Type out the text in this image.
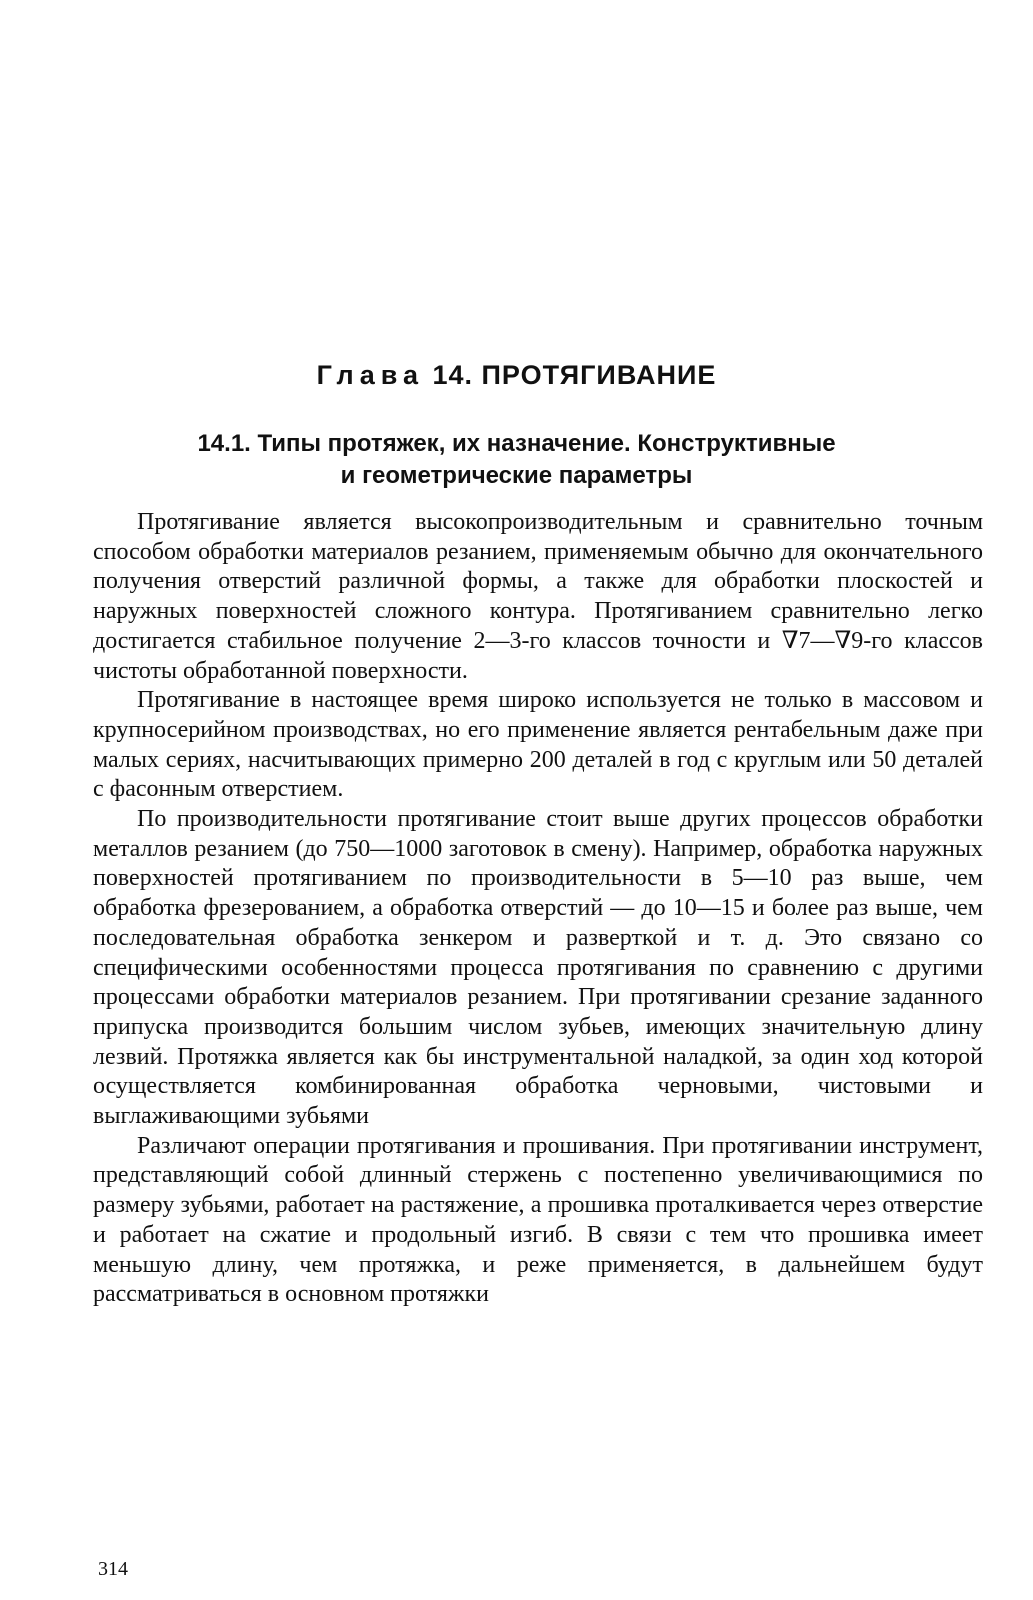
Глава 14. ПРОТЯГИВАНИЕ
14.1. Типы протяжек, их назначение. Конструктивные
и геометрические параметры

Протягивание является высокопроизводительным и сравнительно точным способом обработки материалов резанием, применяемым обычно для окончательного получения отверстий различной формы, а также для обработки плоскостей и наружных поверхностей сложного контура. Протягиванием сравнительно легко достигается стабильное получение 2—3-го классов точности и ∇7—∇9-го классов чистоты обработанной поверхности.

Протягивание в настоящее время широко используется не только в массовом и крупносерийном производствах, но его применение является рентабельным даже при малых сериях, насчитывающих примерно 200 деталей в год с круглым или 50 деталей с фасонным отверстием.

По производительности протягивание стоит выше других процессов обработки металлов резанием (до 750—1000 заготовок в смену). Например, обработка наружных поверхностей протягиванием по производительности в 5—10 раз выше, чем обработка фрезерованием, а обработка отверстий — до 10—15 и более раз выше, чем последовательная обработка зенкером и разверткой и т. д. Это связано со специфическими особенностями процесса протягивания по сравнению с другими процессами обработки материалов резанием. При протягивании срезание заданного припуска производится большим числом зубьев, имеющих значительную длину лезвий. Протяжка является как бы инструментальной наладкой, за один ход которой осуществляется комбинированная обработка черновыми, чистовыми и выглаживающими зубьями

Различают операции протягивания и прошивания. При протягивании инструмент, представляющий собой длинный стержень с постепенно увеличивающимися по размеру зубьями, работает на растяжение, а прошивка проталкивается через отверстие и работает на сжатие и продольный изгиб. В связи с тем что прошивка имеет меньшую длину, чем протяжка, и реже применяется, в дальнейшем будут рассматриваться в основном протяжки

314
